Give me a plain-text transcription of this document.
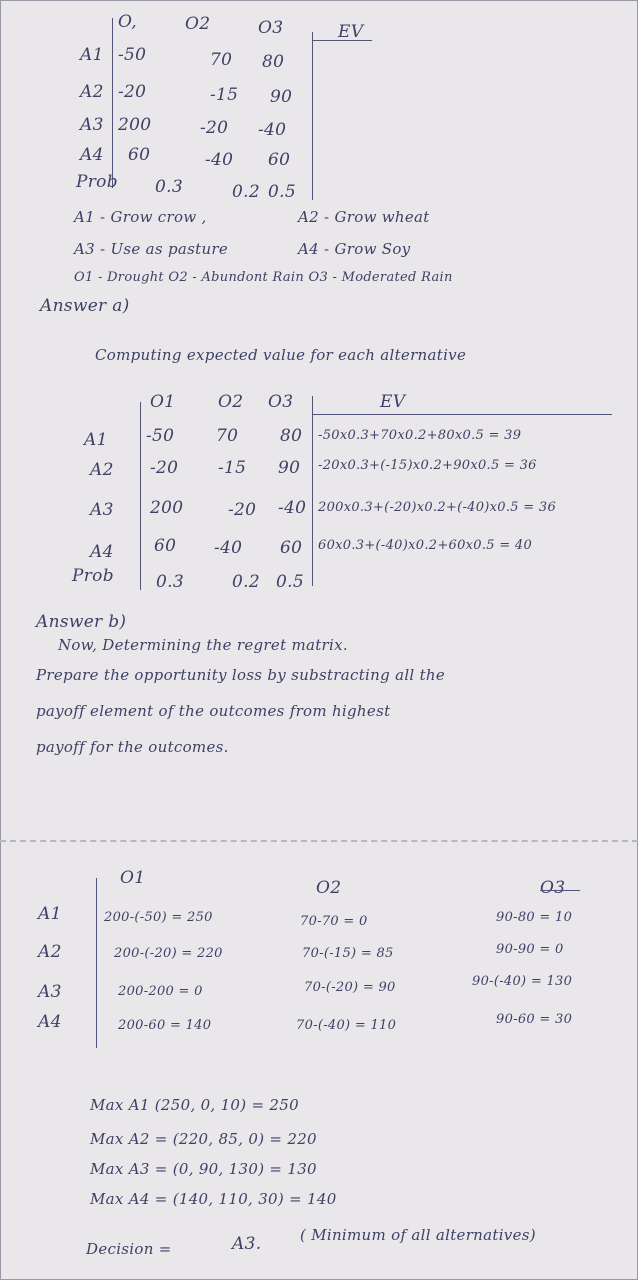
O,	O2	O3	EV
A1 -50	70 80
A2 -20	-15 90
A3 200	-20 -40
A4 60	-40 60
Prob 0.3	0.2 0.5
A1 - Grow crow ,	A2 - Grow wheat
A3 - Use as pasture	A4 - Grow Soy
O1 - Drought O2 - Abundont Rain O3 - Moderated Rain
Answer a)
Computing expected value for each alternative
O1	O2 O3	EV
A1 -50 70 80 -50x0.3+70x0.2+80x0.5 = 39
A2 -20 -15 90 -20x0.3+(-15)x0.2+90x0.5 = 36
A3 200	-20 -40 200x0.3+(-20)x0.2+(-40)x0.5 = 36
A4 60 -40 60 60x0.3+(-40)x0.2+60x0.5 = 40
Prob 0.3	0.2 0.5
Answer b)
Now, Determining the regret matrix.
Prepare the opportunity loss by substracting all the
payoff element of the outcomes from highest
payoff for the outcomes.
O1	O2	O3
A1	200-(-50) = 250	70-70 = 0	90-80 = 10
A2	200-(-20) = 220	70-(-15) = 85	90-90 = 0
A3	200-200 = 0	70-(-20) = 90	90-(-40) = 130
A4	200-60 = 140	70-(-40) = 110	90-60 = 30
Max A1 (250, 0, 10) = 250
Max A2 = (220, 85, 0) = 220
Max A3 = (0, 90, 130) = 130
Max A4 = (140, 110, 30) = 140
Decision =	A3.	( Minimum of all alternatives)
